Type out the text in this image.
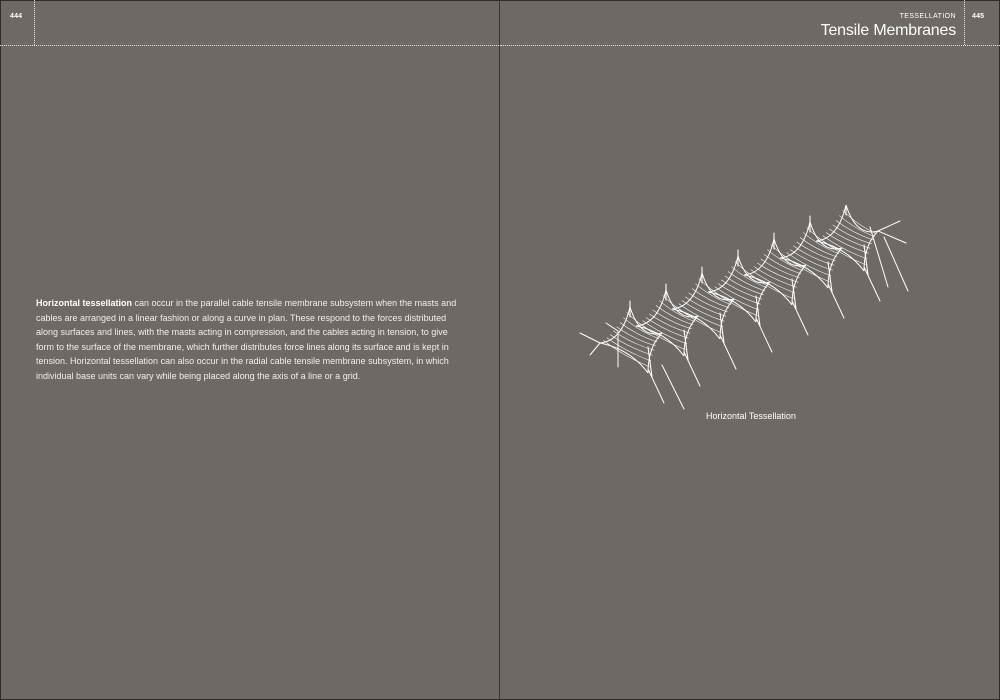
444	445
TESSELLATION
Tensile Membranes
Horizontal tessellation can occur in the parallel cable tensile membrane subsystem when the masts and cables are arranged in a linear fashion or along a curve in plan. These respond to the forces distributed along surfaces and lines, with the masts acting in compression, and the cables acting in tension, to give form to the surface of the membrane, which further distributes force lines along its surface and is kept in tension. Horizontal tessellation can also occur in the radial cable tensile membrane subsystem, in which individual base units can vary while being placed along the axis of a line or a grid.
Horizontal Tessellation
